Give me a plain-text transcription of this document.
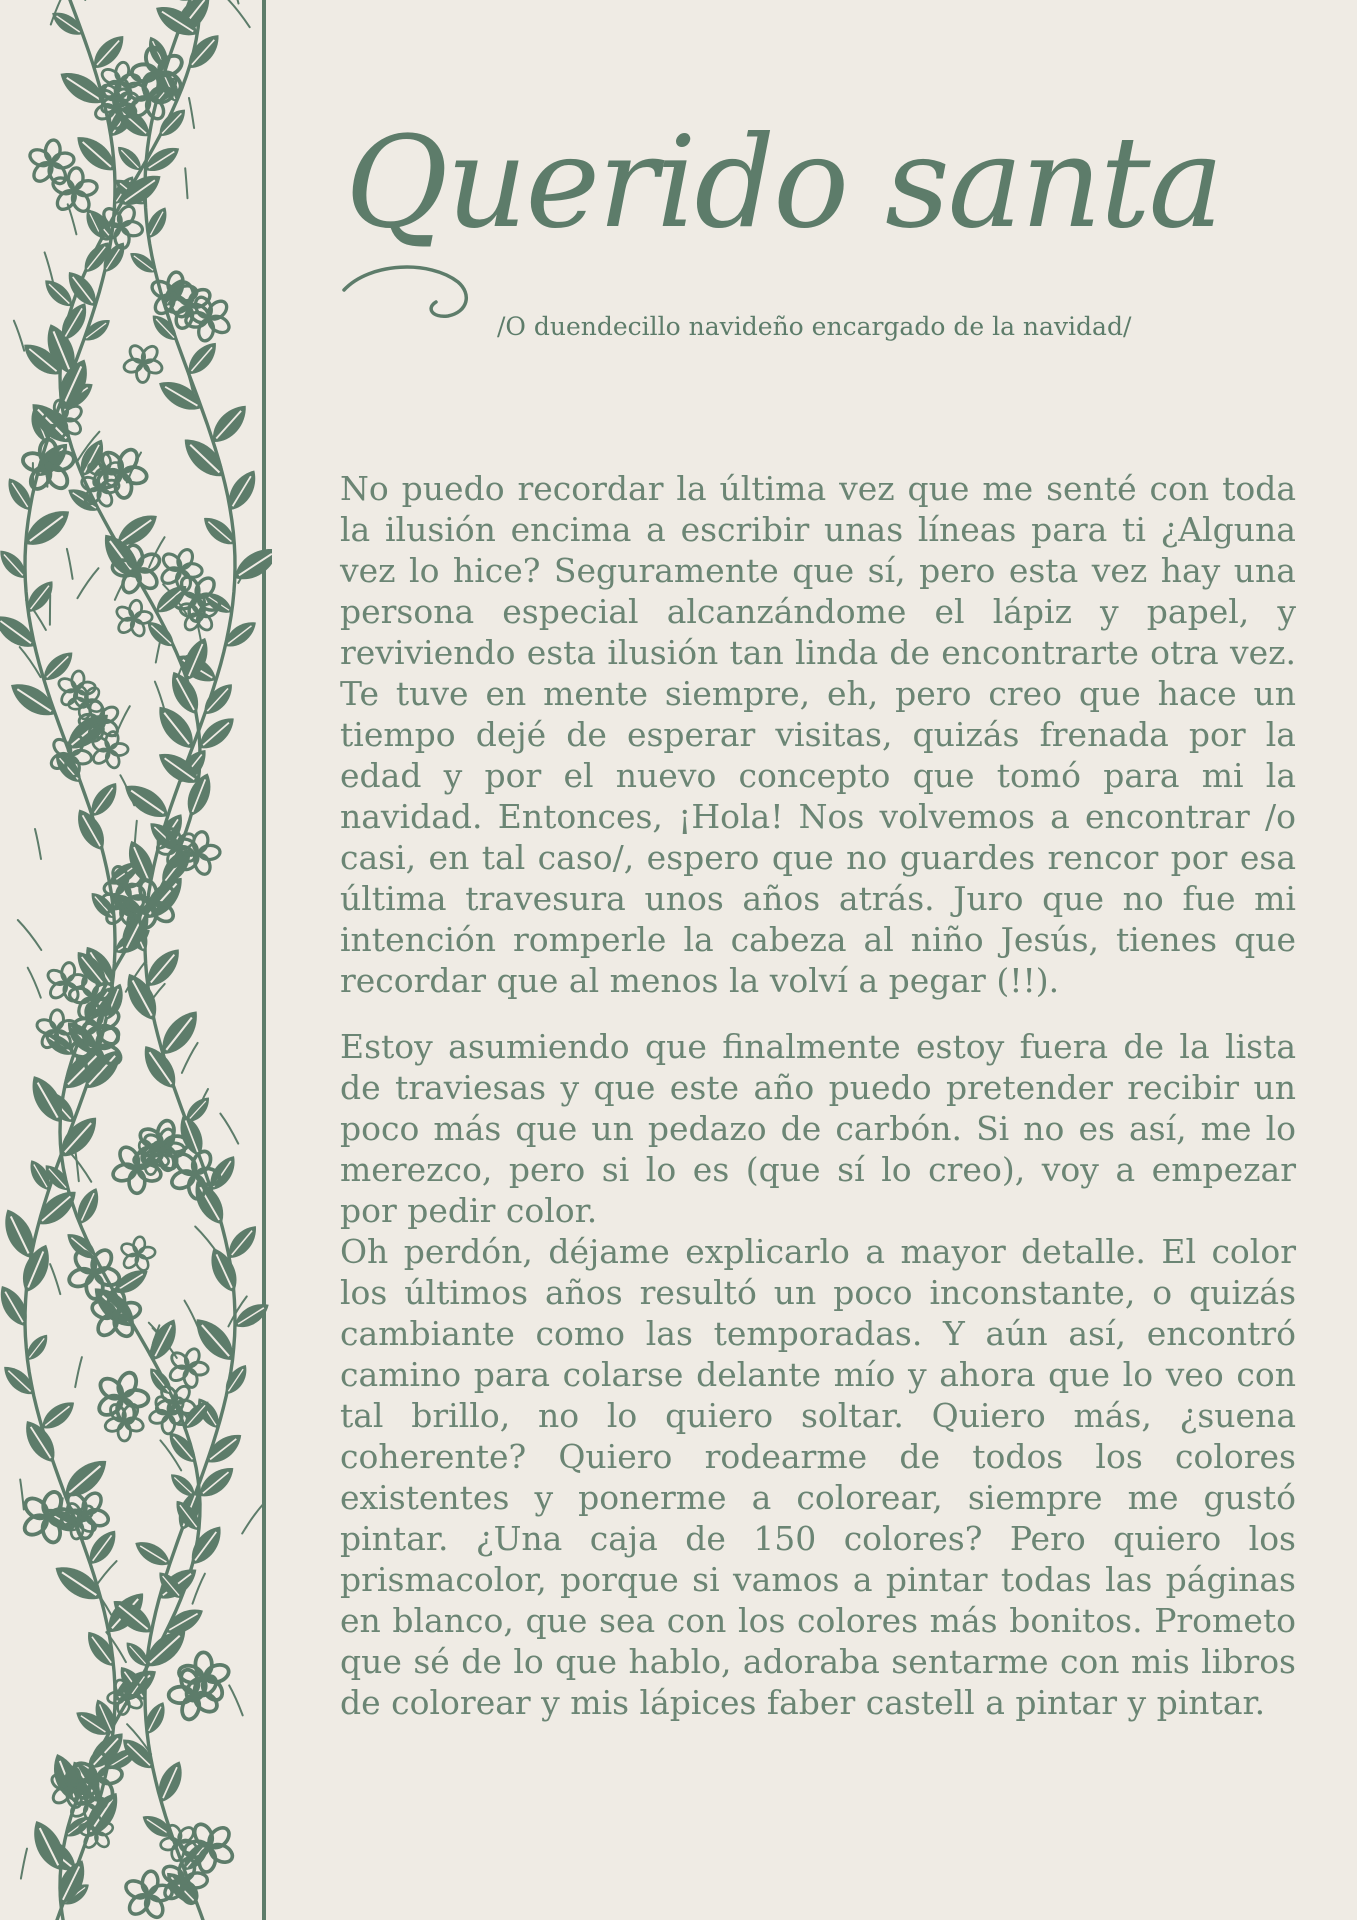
Querido santa
/O duendecillo navideño encargado de la navidad/

No puedo recordar la última vez que me senté con toda la ilusión encima a escribir unas líneas para ti ¿Alguna vez lo hice? Seguramente que sí, pero esta vez hay una persona especial alcanzándome el lápiz y papel, y reviviendo esta ilusión tan linda de encontrarte otra vez. Te tuve en mente siempre, eh, pero creo que hace un tiempo dejé de esperar visitas, quizás frenada por la edad y por el nuevo concepto que tomó para mi la navidad. Entonces, ¡Hola! Nos volvemos a encontrar /o casi, en tal caso/, espero que no guardes rencor por esa última travesura unos años atrás. Juro que no fue mi intención romperle la cabeza al niño Jesús, tienes que recordar que al menos la volví a pegar (!!).

Estoy asumiendo que finalmente estoy fuera de la lista de traviesas y que este año puedo pretender recibir un poco más que un pedazo de carbón. Si no es así, me lo merezco, pero si lo es (que sí lo creo), voy a empezar por pedir color.

Oh perdón, déjame explicarlo a mayor detalle. El color los últimos años resultó un poco inconstante, o quizás cambiante como las temporadas. Y aún así, encontró camino para colarse delante mío y ahora que lo veo con tal brillo, no lo quiero soltar. Quiero más, ¿suena coherente? Quiero rodearme de todos los colores existentes y ponerme a colorear, siempre me gustó pintar. ¿Una caja de 150 colores? Pero quiero los prismacolor, porque si vamos a pintar todas las páginas en blanco, que sea con los colores más bonitos. Prometo que sé de lo que hablo, adoraba sentarme con mis libros de colorear y mis lápices faber castell a pintar y pintar.
